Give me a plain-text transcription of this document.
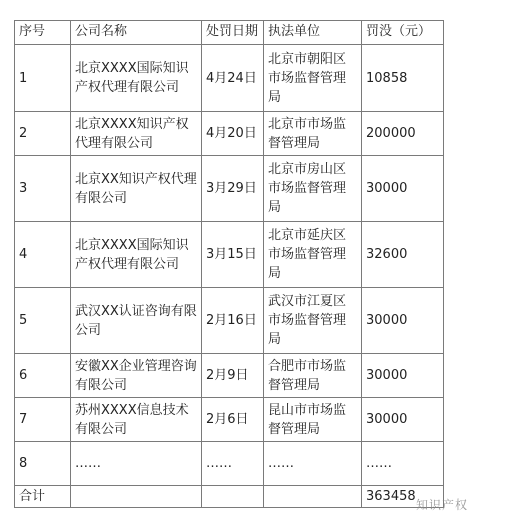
序号	公司名称	处罚日期	执法单位	罚没（元）
1	北京XXXX国际知识产权代理有限公司	4月24日	北京市朝阳区市场监督管理局	10858
2	北京XXXX知识产权代理有限公司	4月20日	北京市市场监督管理局	200000
3	北京XX知识产权代理有限公司	3月29日	北京市房山区市场监督管理局	30000
4	北京XXXX国际知识产权代理有限公司	3月15日	北京市延庆区市场监督管理局	32600
5	武汉XX认证咨询有限公司	2月16日	武汉市江夏区市场监督管理局	30000
6	安徽XX企业管理咨询有限公司	2月9日	合肥市市场监督管理局	30000
7	苏州XXXX信息技术有限公司	2月6日	昆山市市场监督管理局	30000
8	……	……	……	……
合计				363458
知识产权
